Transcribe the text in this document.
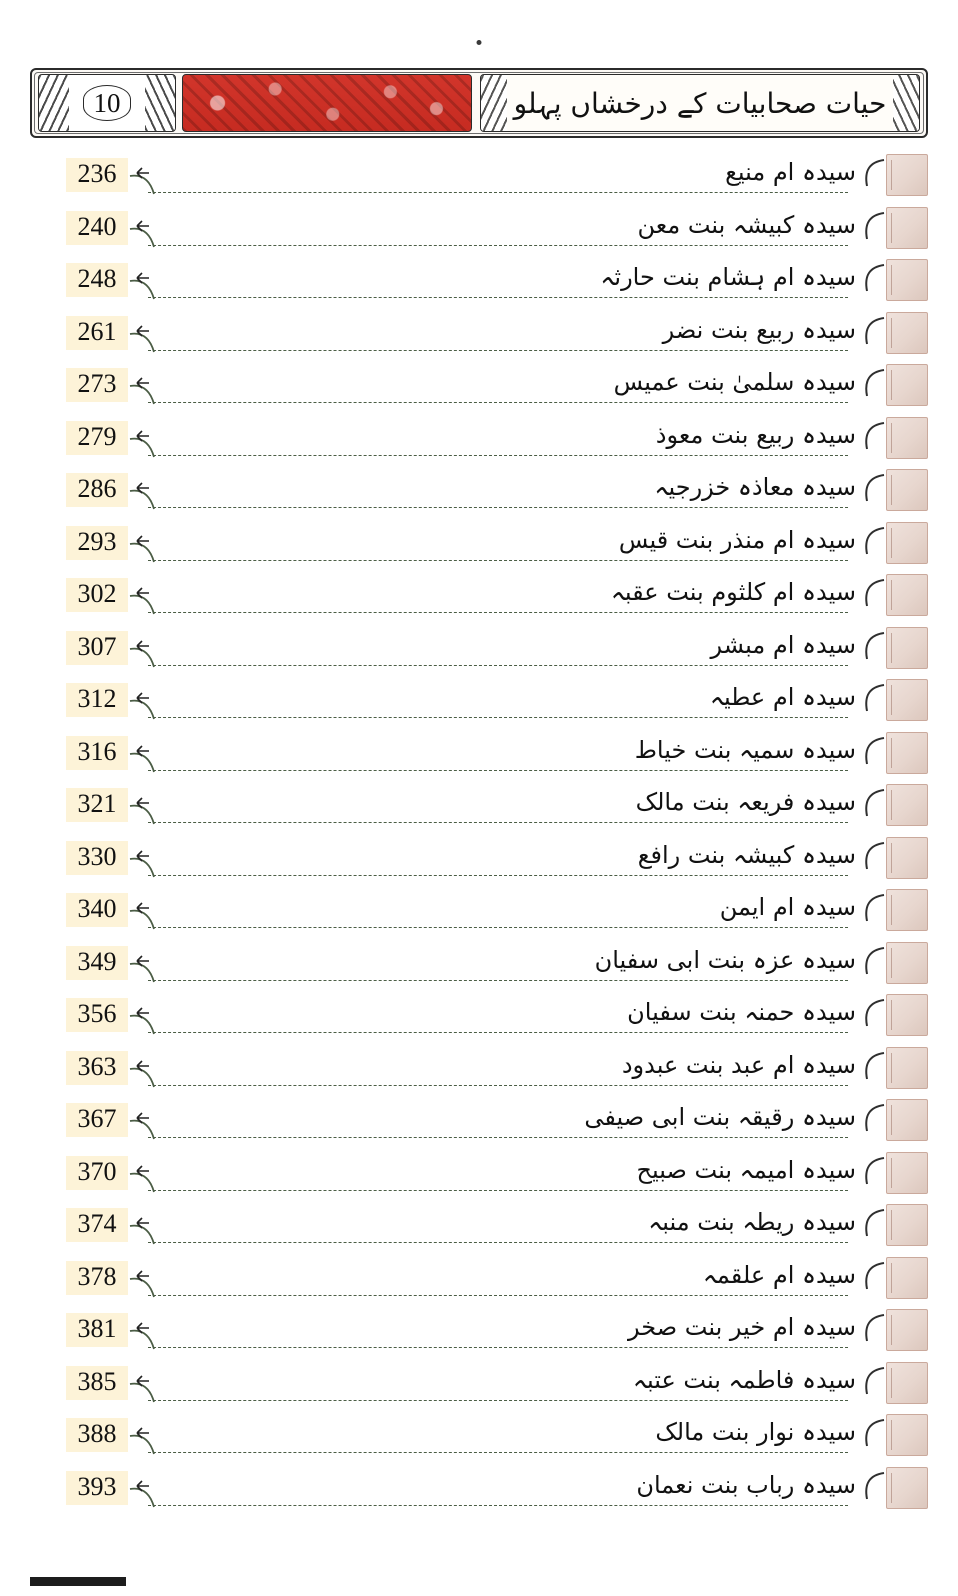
10	حیات صحابیات کے درخشاں پہلو
سیدہ ام منیع
236
سیدہ کبیشہ بنت معن
240
سیدہ ام ہشام بنت حارثہ
248
سیدہ ربیع بنت نضر
261
سیدہ سلمیٰ بنت عمیس
273
سیدہ ربیع بنت معوذ
279
سیدہ معاذہ خزرجیہ
286
سیدہ ام منذر بنت قیس
293
سیدہ ام کلثوم بنت عقبہ
302
سیدہ ام مبشر
307
سیدہ ام عطیہ
312
سیدہ سمیہ بنت خیاط
316
سیدہ فریعہ بنت مالک
321
سیدہ کبیشہ بنت رافع
330
سیدہ ام ایمن
340
سیدہ عزہ بنت ابی سفیان
349
سیدہ حمنہ بنت سفیان
356
سیدہ ام عبد بنت عبدود
363
سیدہ رقیقہ بنت ابی صیفی
367
سیدہ امیمہ بنت صبیح
370
سیدہ ریطہ بنت منبہ
374
سیدہ ام علقمہ
378
سیدہ ام خیر بنت صخر
381
سیدہ فاطمہ بنت عتبہ
385
سیدہ نوار بنت مالک
388
سیدہ رباب بنت نعمان
393
